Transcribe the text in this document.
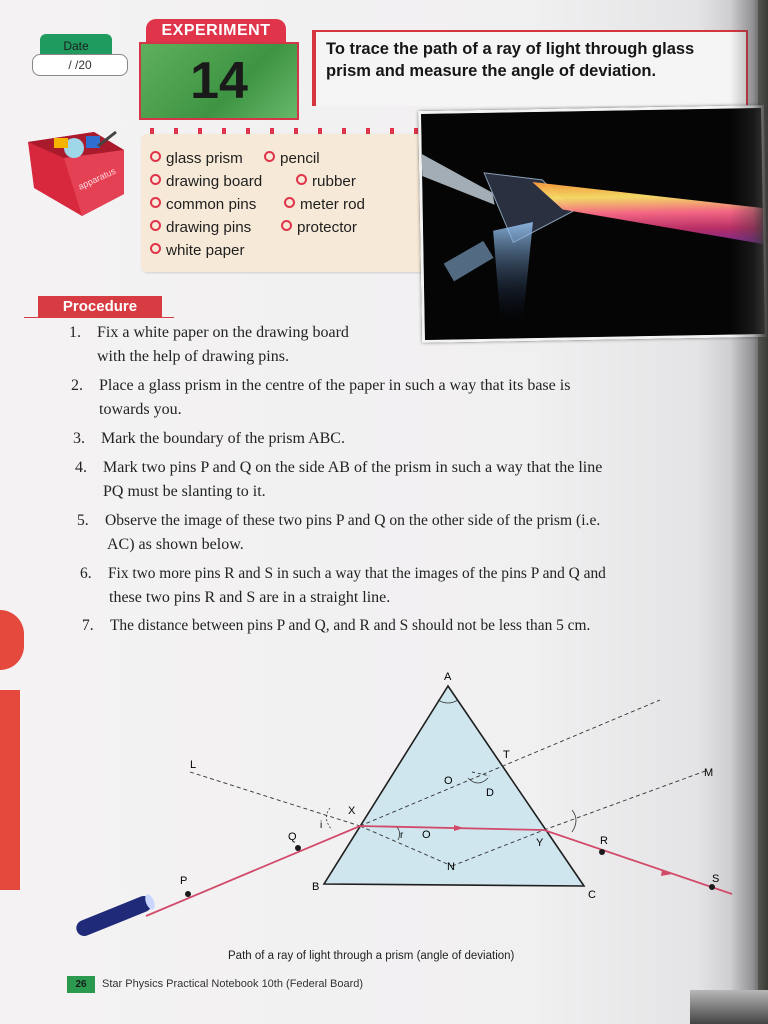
Date
/ /20
EXPERIMENT
14
To trace the path of a ray of light through glass prism and measure the angle of deviation.
apparatus
glass prism	pencil
drawing board	rubber
common pins	meter rod
drawing pins	protector
white paper
Procedure
1. Fix a white paper on the drawing board
with the help of drawing pins.
2. Place a glass prism in the centre of the paper in such a way that its base is
towards you.
3. Mark the boundary of the prism ABC.
4. Mark two pins P and Q on the side AB of the prism in such a way that the line
PQ must be slanting to it.
5. Observe the image of these two pins P and Q on the other side of the prism (i.e.
AC) as shown below.
6. Fix two more pins R and S in such a way that the images of the pins P and Q and
these two pins R and S are in a straight line.
7. The distance between pins P and Q, and R and S should not be less than 5 cm.
A
B
C
P
Q	R
S
X
Y
T
L
M
N
O
O
D
i
r
Path of a ray of light through a prism (angle of deviation)
26	Star Physics Practical Notebook 10th (Federal Board)
